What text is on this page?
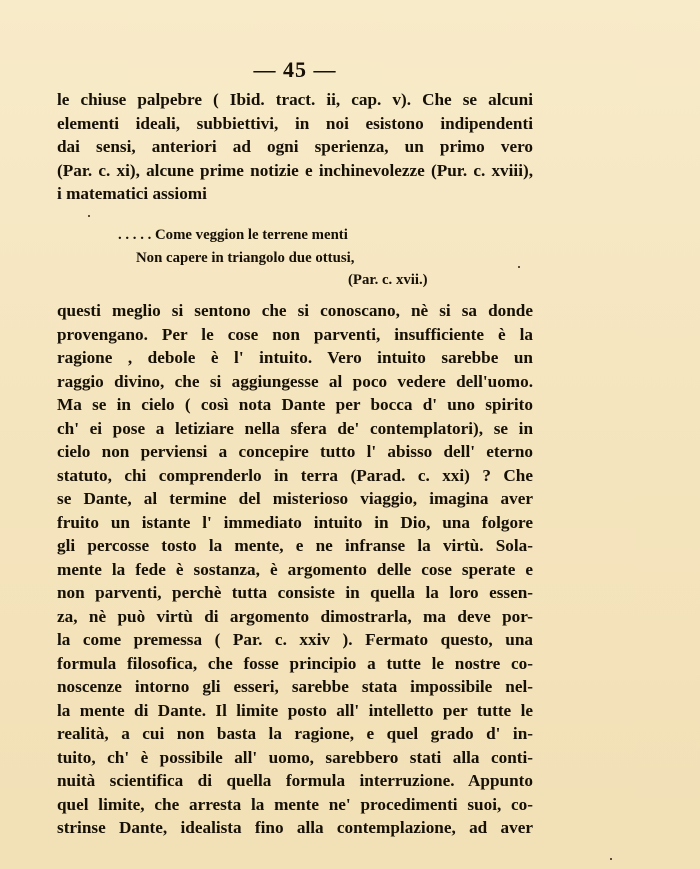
— 45 —
le chiuse palpebre ( Ibid. tract. ii, cap. v). Che se alcuni
elementi ideali, subbiettivi, in noi esistono indipendenti
dai sensi, anteriori ad ogni sperienza, un primo vero
(Par. c. xi), alcune prime notizie e inchinevolezze (Pur. c. xviii),
i matematici assiomi
. . . . . Come veggion le terrene menti
Non capere in triangolo due ottusi,
(Par. c. xvii.)
questi meglio si sentono che si conoscano, nè si sa donde
provengano. Per le cose non parventi, insufficiente è la
ragione , debole è l' intuito. Vero intuito sarebbe un
raggio divino, che si aggiungesse al poco vedere dell'uomo.
Ma se in cielo ( così nota Dante per bocca d' uno spirito
ch' ei pose a letiziare nella sfera de' contemplatori), se in
cielo non perviensi a concepire tutto l' abisso dell' eterno
statuto, chi comprenderlo in terra (Parad. c. xxi) ? Che
se Dante, al termine del misterioso viaggio, imagina aver
fruito un istante l' immediato intuito in Dio, una folgore
gli percosse tosto la mente, e ne infranse la virtù. Sola-
mente la fede è sostanza, è argomento delle cose sperate e
non parventi, perchè tutta consiste in quella la loro essen-
za, nè può virtù di argomento dimostrarla, ma deve por-
la come premessa ( Par. c. xxiv ). Fermato questo, una
formula filosofica, che fosse principio a tutte le nostre co-
noscenze intorno gli esseri, sarebbe stata impossibile nel-
la mente di Dante. Il limite posto all' intelletto per tutte le
realità, a cui non basta la ragione, e quel grado d' in-
tuito, ch' è possibile all' uomo, sarebbero stati alla conti-
nuità scientifica di quella formula interruzione. Appunto
quel limite, che arresta la mente ne' procedimenti suoi, co-
strinse Dante, idealista fino alla contemplazione, ad aver
